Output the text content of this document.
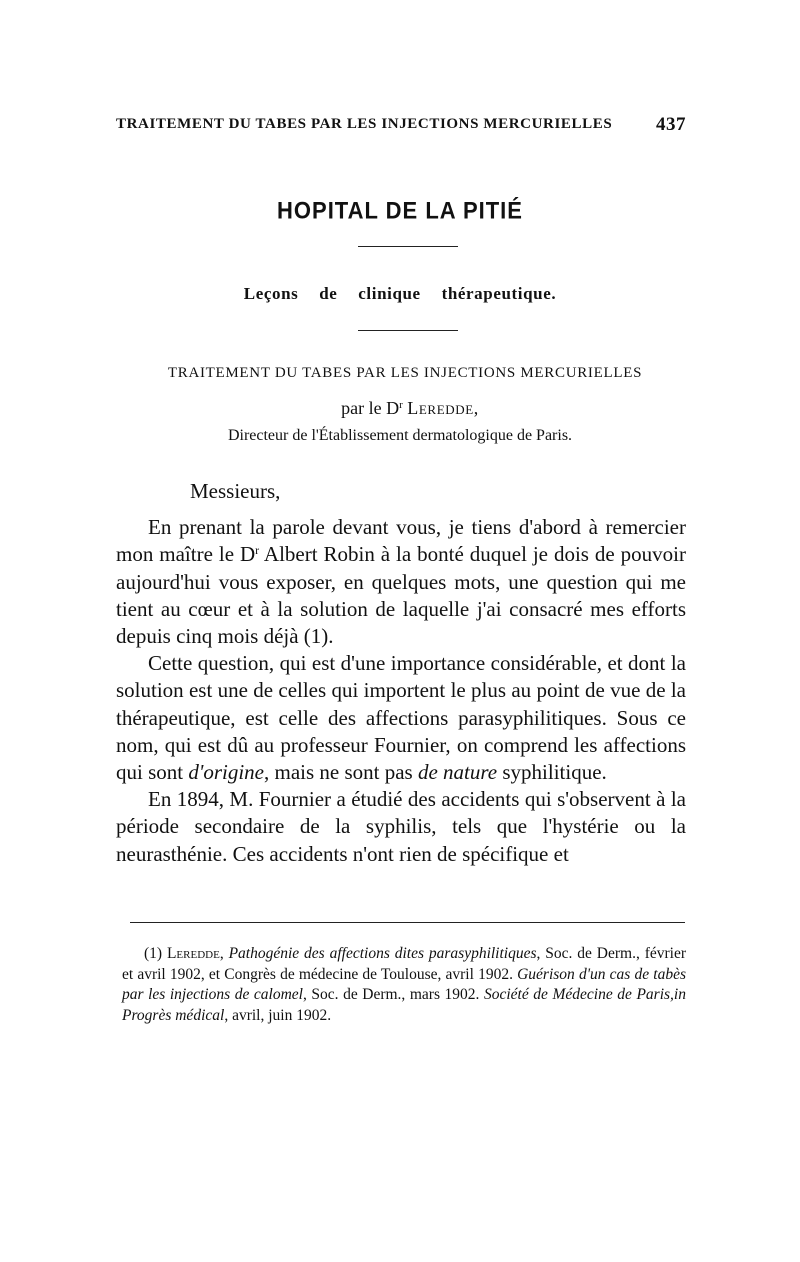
TRAITEMENT DU TABES PAR LES INJECTIONS MERCURIELLES 437
HOPITAL DE LA PITIÉ
Leçons de clinique thérapeutique.
TRAITEMENT DU TABES PAR LES INJECTIONS MERCURIELLES
par le $D^r$ Leredde,
Directeur de l'Établissement dermatologique de Paris.

Messieurs,

En prenant la parole devant vous, je tiens d'abord à remercier mon maître le $D^r$ Albert Robin à la bonté duquel je dois de pouvoir aujourd'hui vous exposer, en quelques mots, une question qui me tient au cœur et à la solution de laquelle j'ai consacré mes efforts depuis cinq mois déjà (1).

Cette question, qui est d'une importance considérable, et dont la solution est une de celles qui importent le plus au point de vue de la thérapeutique, est celle des affections parasyphilitiques. Sous ce nom, qui est dû au professeur Fournier, on comprend les affections qui sont d'origine, mais ne sont pas de nature syphilitique.

En 1894, M. Fournier a étudié des accidents qui s'observent à la période secondaire de la syphilis, tels que l'hystérie ou la neurasthénie. Ces accidents n'ont rien de spécifique et

(1) Leredde, Pathogénie des affections dites parasyphilitiques, Soc. de Derm., février et avril 1902, et Congrès de médecine de Toulouse, avril 1902. Guérison d'un cas de tabès par les injections de calomel, Soc. de Derm., mars 1902. Société de Médecine de Paris,in Progrès médical, avril, juin 1902.
